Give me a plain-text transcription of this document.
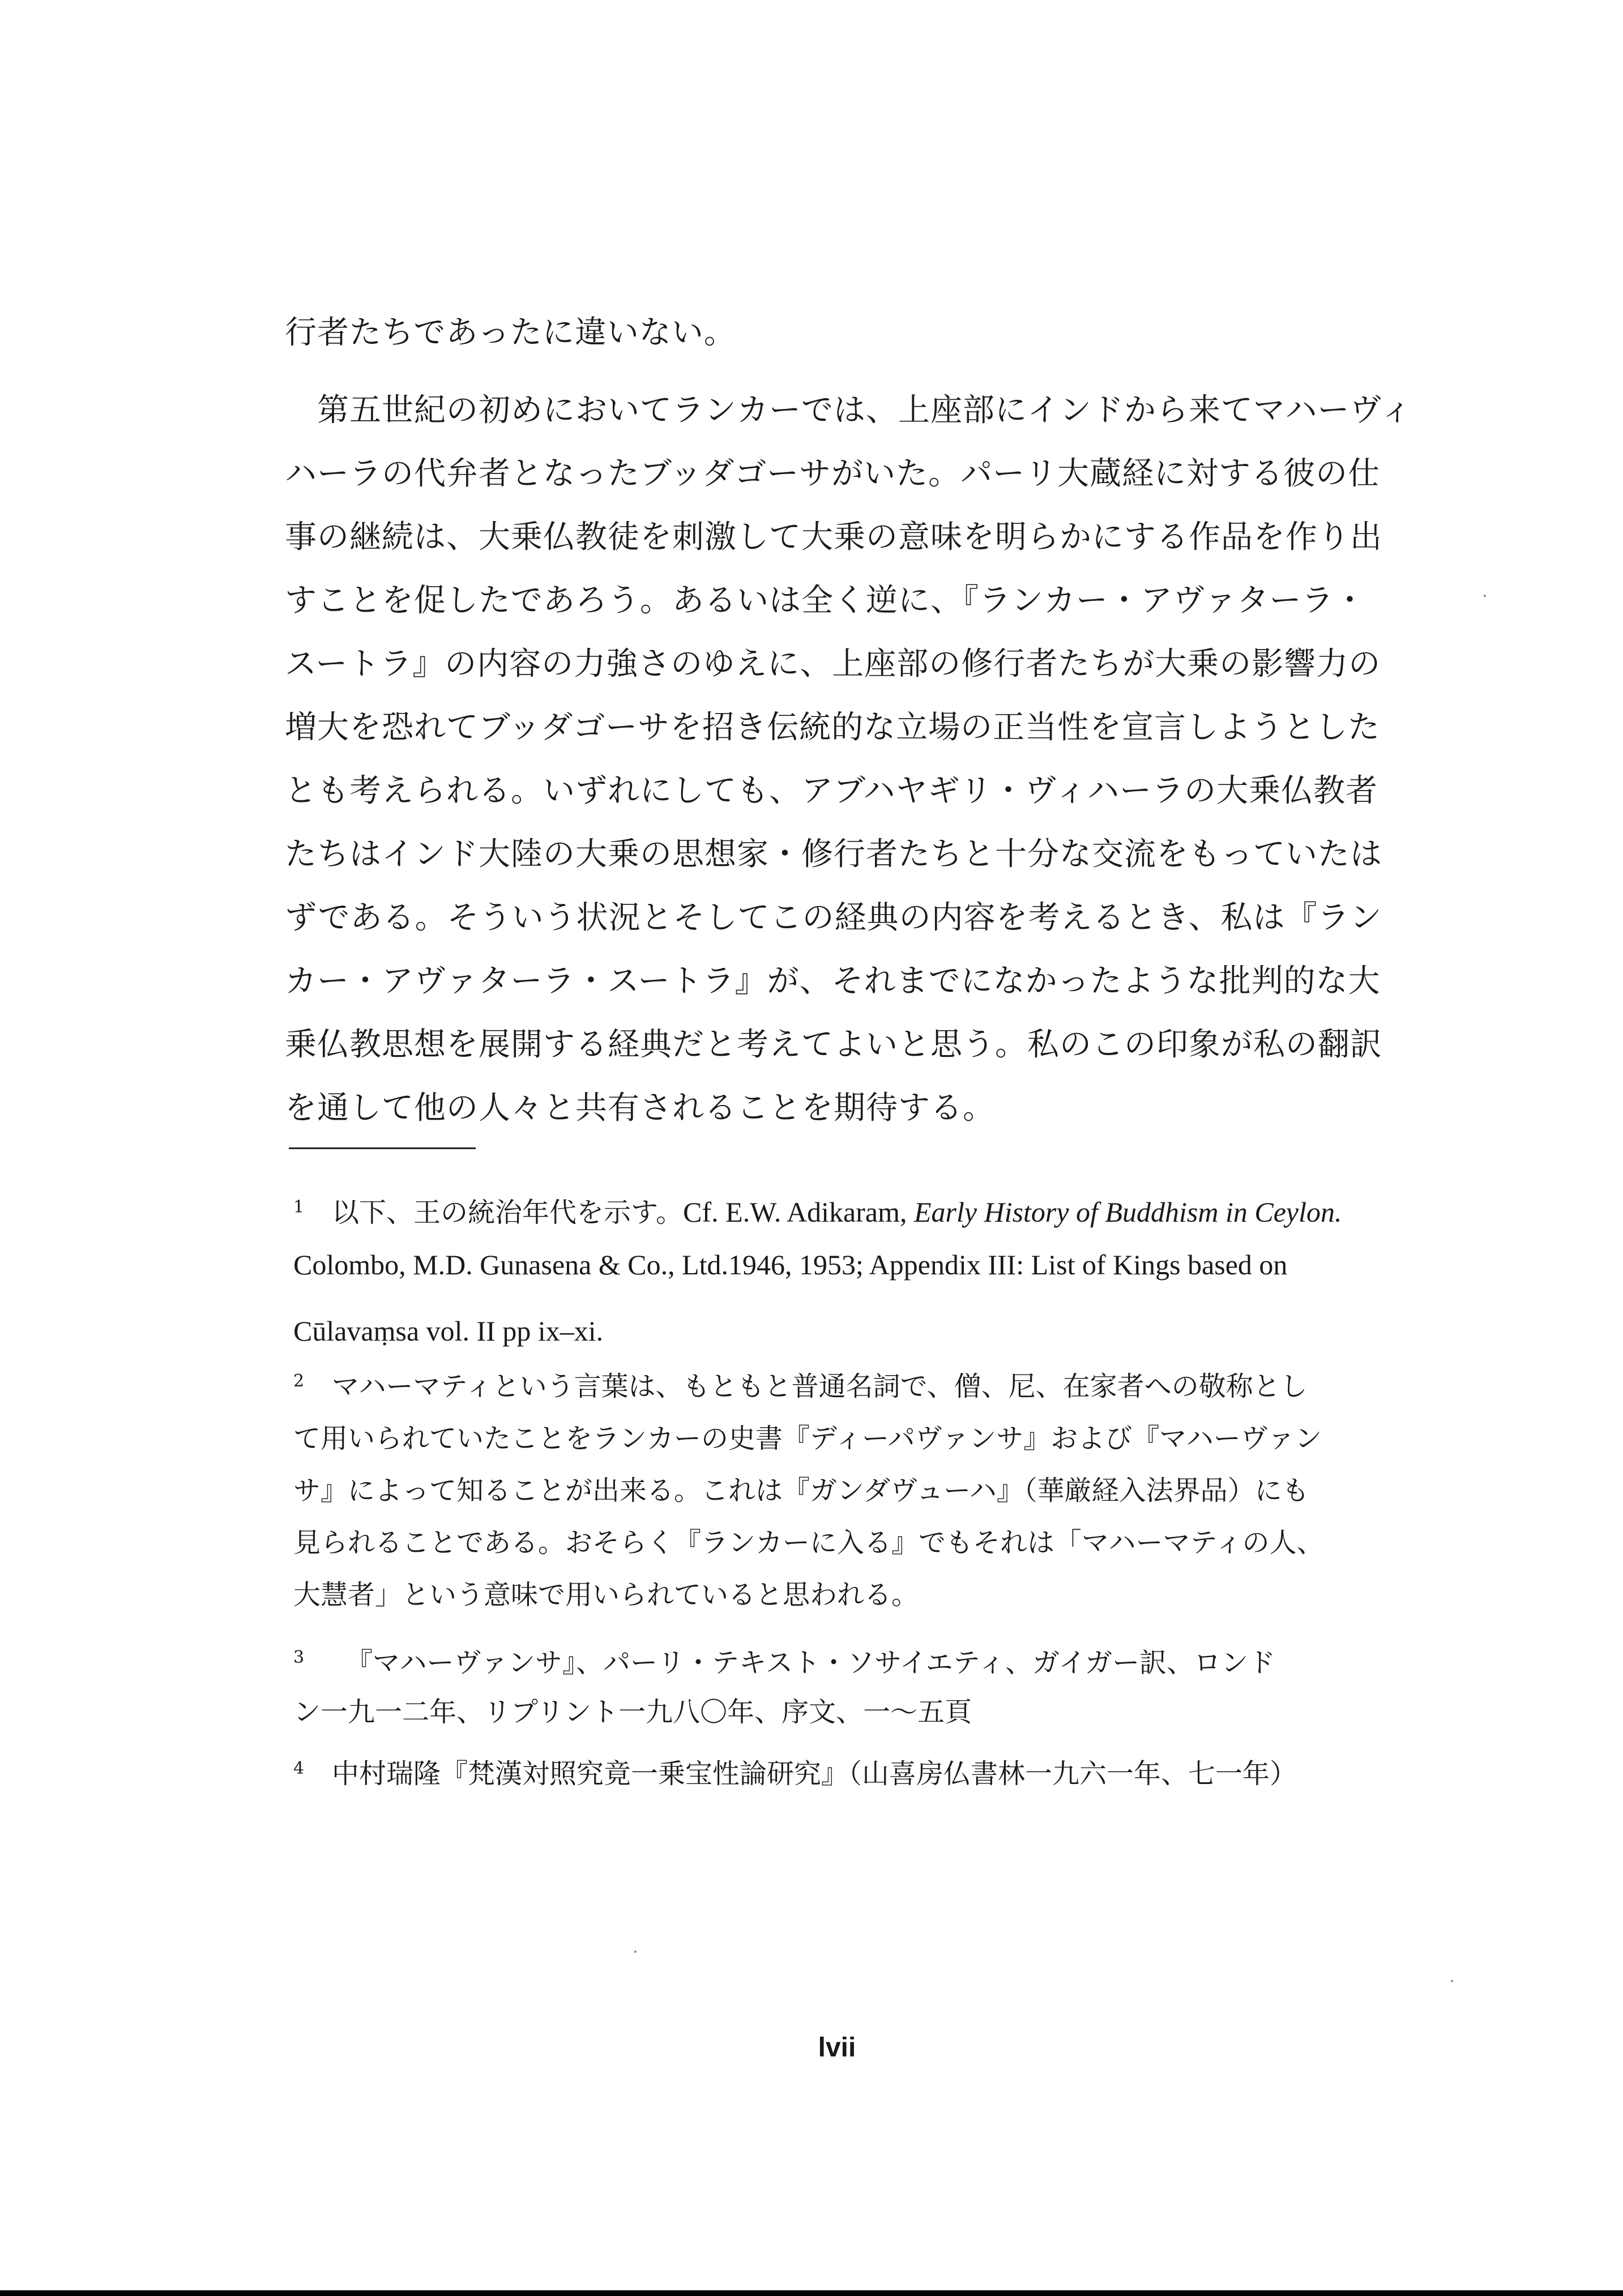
行者たちであったに違いない。
　第五世紀の初めにおいてランカーでは、上座部にインドから来てマハーヴィ
ハーラの代弁者となったブッダゴーサがいた。パーリ大蔵経に対する彼の仕
事の継続は、大乗仏教徒を刺激して大乗の意味を明らかにする作品を作り出
すことを促したであろう。あるいは全く逆に、『ランカー・アヴァターラ・
スートラ』の内容の力強さのゆえに、上座部の修行者たちが大乗の影響力の
増大を恐れてブッダゴーサを招き伝統的な立場の正当性を宣言しようとした
とも考えられる。いずれにしても、アブハヤギリ・ヴィハーラの大乗仏教者
たちはインド大陸の大乗の思想家・修行者たちと十分な交流をもっていたは
ずである。そういう状況とそしてこの経典の内容を考えるとき、私は『ラン
カー・アヴァターラ・スートラ』が、それまでになかったような批判的な大
乗仏教思想を展開する経典だと考えてよいと思う。私のこの印象が私の翻訳
を通して他の人々と共有されることを期待する。
1 以下、王の統治年代を示す。Cf. E.W. Adikaram, Early History of Buddhism in Ceylon.
Colombo, M.D. Gunasena & Co., Ltd.1946, 1953; Appendix III: List of Kings based on
Cūlavaṃsa vol. II pp ix–xi.
2 マハーマティという言葉は、もともと普通名詞で、僧、尼、在家者への敬称とし
て用いられていたことをランカーの史書『ディーパヴァンサ』および『マハーヴァン
サ』によって知ることが出来る。これは『ガンダヴューハ』（華厳経入法界品）にも
見られることである。おそらく『ランカーに入る』でもそれは「マハーマティの人、
大慧者」という意味で用いられていると思われる。
3　『マハーヴァンサ』、パーリ・テキスト・ソサイエティ、ガイガー訳、ロンド
ン一九一二年、リプリント一九八〇年、序文、一～五頁
4 中村瑞隆『梵漢対照究竟一乗宝性論研究』（山喜房仏書林一九六一年、七一年）
lvii
